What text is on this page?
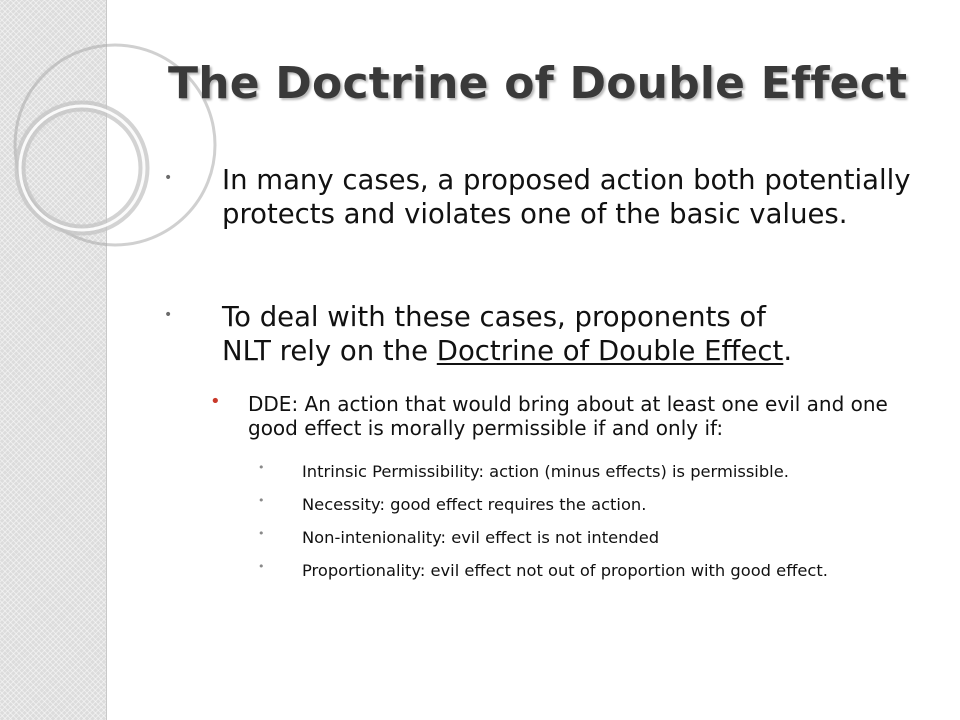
The Doctrine of Double Effect
• In many cases, a proposed action both potentially protects and violates one of the basic values.

• To deal with these cases, proponents of NLT rely on the Doctrine of Double Effect.

• DDE: An action that would bring about at least one evil and one good effect is morally permissible if and only if:

• Intrinsic Permissibility: action (minus effects) is permissible.

• Necessity: good effect requires the action.

• Non-intenionality: evil effect is not intended

• Proportionality: evil effect not out of proportion with good effect.
